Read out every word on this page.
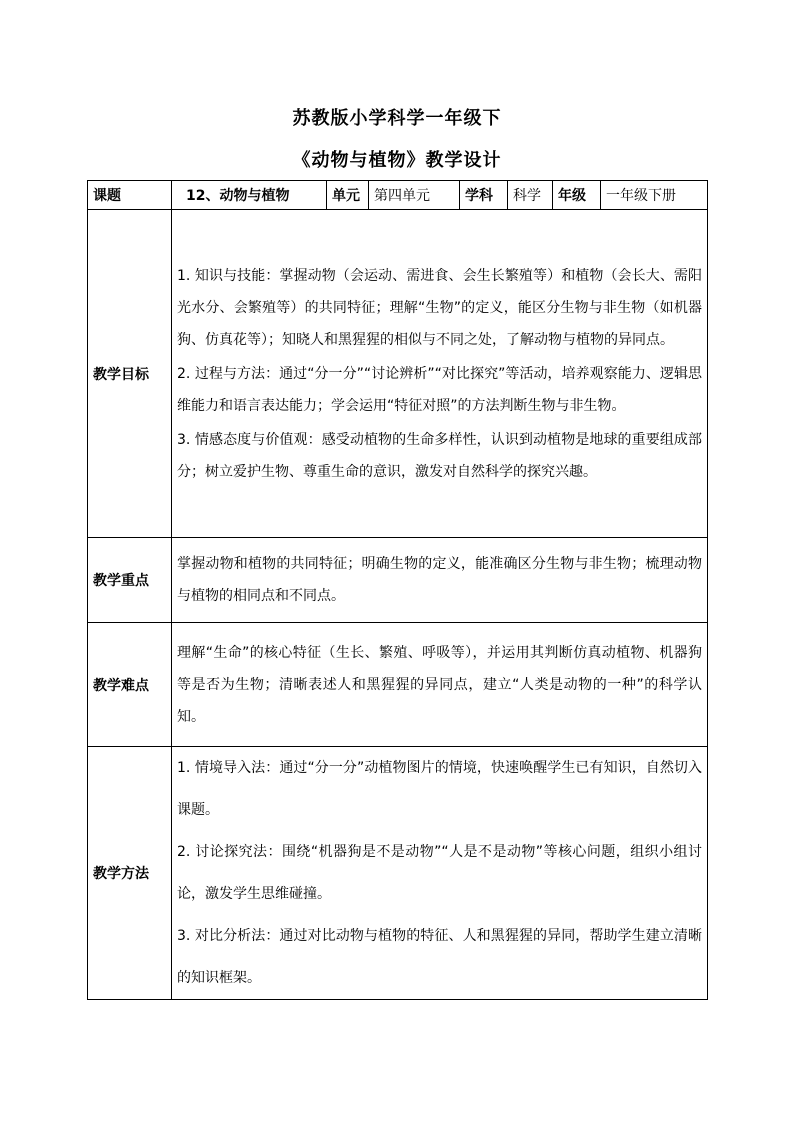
苏教版小学科学一年级下
《动物与植物》教学设计
课题	12、动物与植物	单元	第四单元	学科	科学	年级	一年级下册
教学目标	1. 知识与技能：掌握动物（会运动、需进食、会生长繁殖等）和植物（会长大、需阳光水分、会繁殖等）的共同特征；理解“生物”的定义，能区分生物与非生物（如机器狗、仿真花等）；知晓人和黑猩猩的相似与不同之处，了解动物与植物的异同点。

2. 过程与方法：通过“分一分”“讨论辨析”“对比探究”等活动，培养观察能力、逻辑思维能力和语言表达能力；学会运用“特征对照”的方法判断生物与非生物。

3. 情感态度与价值观：感受动植物的生命多样性，认识到动植物是地球的重要组成部分；树立爱护生物、尊重生命的意识，激发对自然科学的探究兴趣。						

教学重点	掌握动物和植物的共同特征；明确生物的定义，能准确区分生物与非生物；梳理动物与植物的相同点和不同点。						

教学难点	理解“生命”的核心特征（生长、繁殖、呼吸等），并运用其判断仿真动植物、机器狗等是否为生物；清晰表述人和黑猩猩的异同点，建立“人类是动物的一种”的科学认知。						

教学方法	1. 情境导入法：通过“分一分”动植物图片的情境，快速唤醒学生已有知识，自然切入课题。

2. 讨论探究法：围绕“机器狗是不是动物”“人是不是动物”等核心问题，组织小组讨论，激发学生思维碰撞。

3. 对比分析法：通过对比动物与植物的特征、人和黑猩猩的异同，帮助学生建立清晰的知识框架。						
